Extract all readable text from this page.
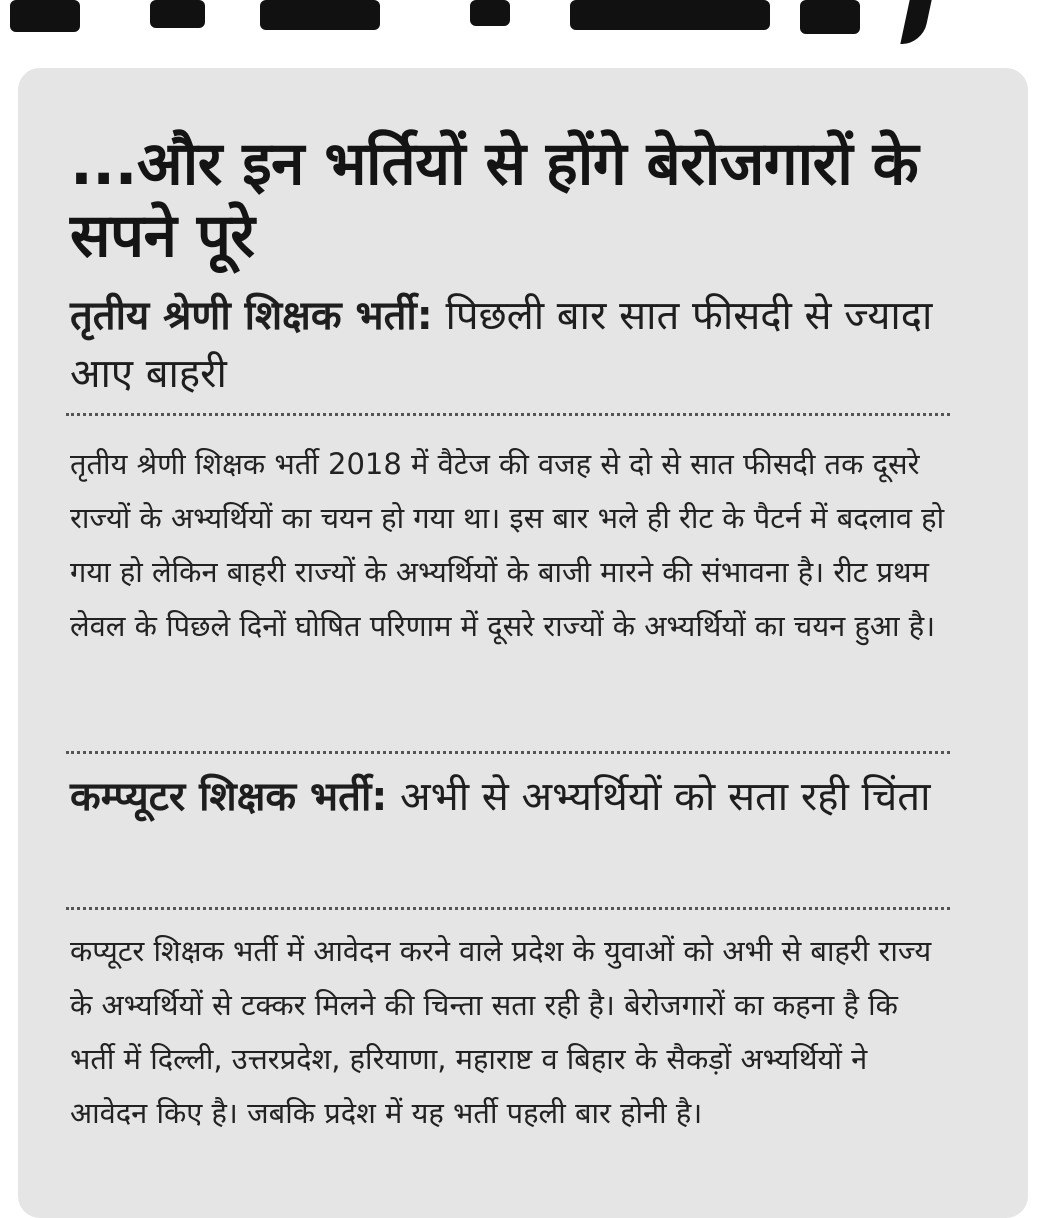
...और इन भर्तियों से होंगे बेरोजगारों के सपने पूरे
तृतीय श्रेणी शिक्षक भर्ती: पिछली बार सात फीसदी से ज्यादा आए बाहरी
तृतीय श्रेणी शिक्षक भर्ती 2018 में वैटेज की वजह से दो से सात फीसदी तक दूसरे राज्यों के अभ्यर्थियों का चयन हो गया था। इस बार भले ही रीट के पैटर्न में बदलाव हो गया हो लेकिन बाहरी राज्यों के अभ्यर्थियों के बाजी मारने की संभावना है। रीट प्रथम लेवल के पिछले दिनों घोषित परिणाम में दूसरे राज्यों के अभ्यर्थियों का चयन हुआ है।
कम्प्यूटर शिक्षक भर्ती: अभी से अभ्यर्थियों को सता रही चिंता
कप्यूटर शिक्षक भर्ती में आवेदन करने वाले प्रदेश के युवाओं को अभी से बाहरी राज्य के अभ्यर्थियों से टक्कर मिलने की चिन्ता सता रही है। बेरोजगारों का कहना है कि भर्ती में दिल्ली, उत्तरप्रदेश, हरियाणा, महाराष्ट व बिहार के सैकड़ों अभ्यर्थियों ने आवेदन किए है। जबकि प्रदेश में यह भर्ती पहली बार होनी है।
